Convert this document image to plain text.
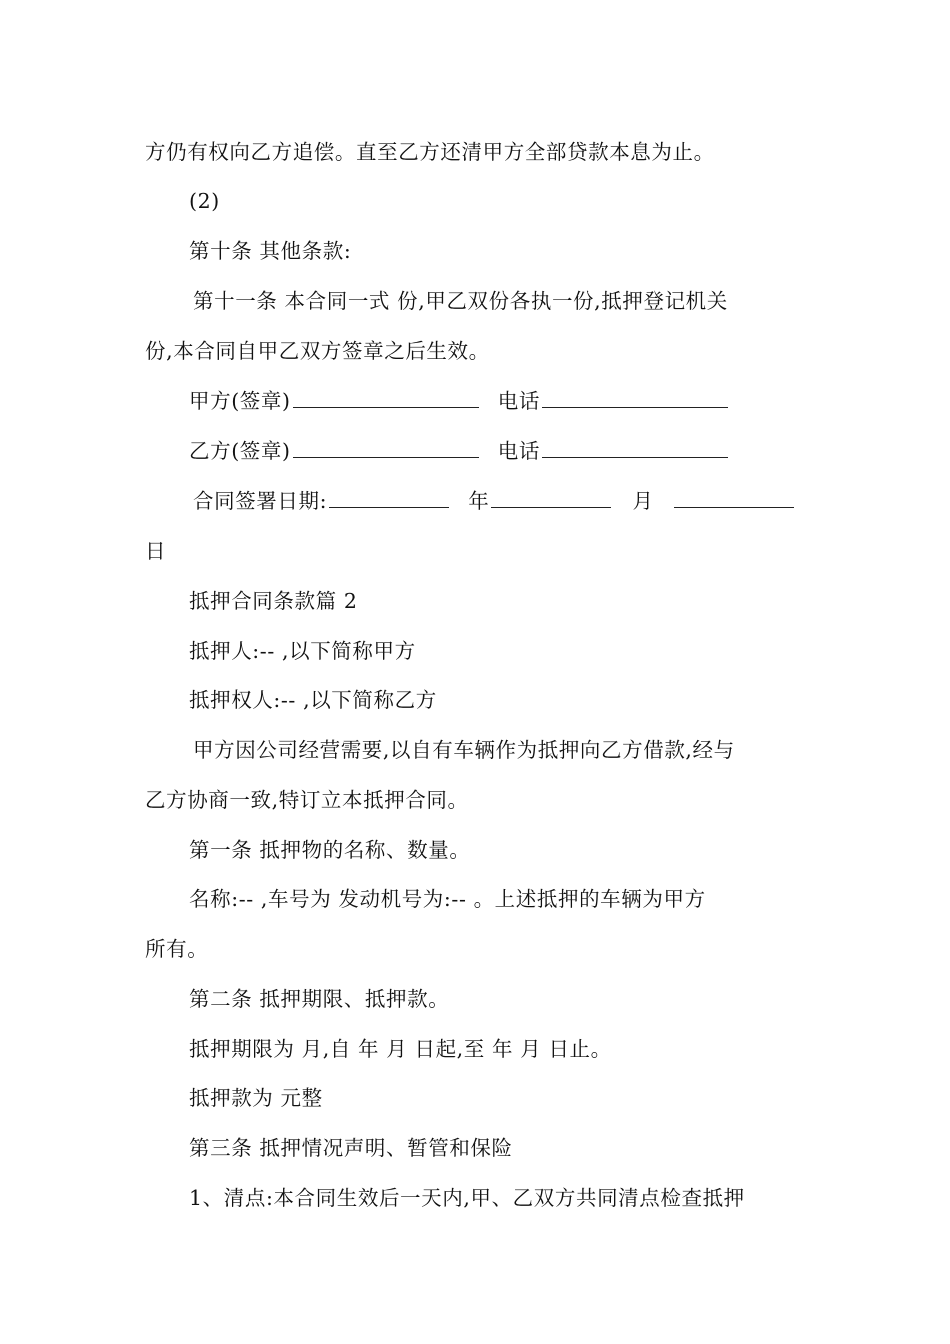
方仍有权向乙方追偿。直至乙方还清甲方全部贷款本息为止。
(2)
第十条 其他条款:
第十一条 本合同一式 份,甲乙双份各执一份,抵押登记机关
份,本合同自甲乙双方签章之后生效。
甲方(签章)	电话
乙方(签章)	电话
合同签署日期:	年	月
日
抵押合同条款篇 2
抵押人:-- ,以下简称甲方
抵押权人:-- ,以下简称乙方
甲方因公司经营需要,以自有车辆作为抵押向乙方借款,经与
乙方协商一致,特订立本抵押合同。
第一条 抵押物的名称、数量。
名称:-- ,车号为 发动机号为:-- 。上述抵押的车辆为甲方
所有。
第二条 抵押期限、抵押款。
抵押期限为 月,自 年 月 日起,至 年 月 日止。
抵押款为 元整
第三条 抵押情况声明、暂管和保险
1、清点:本合同生效后一天内,甲、乙双方共同清点检查抵押
